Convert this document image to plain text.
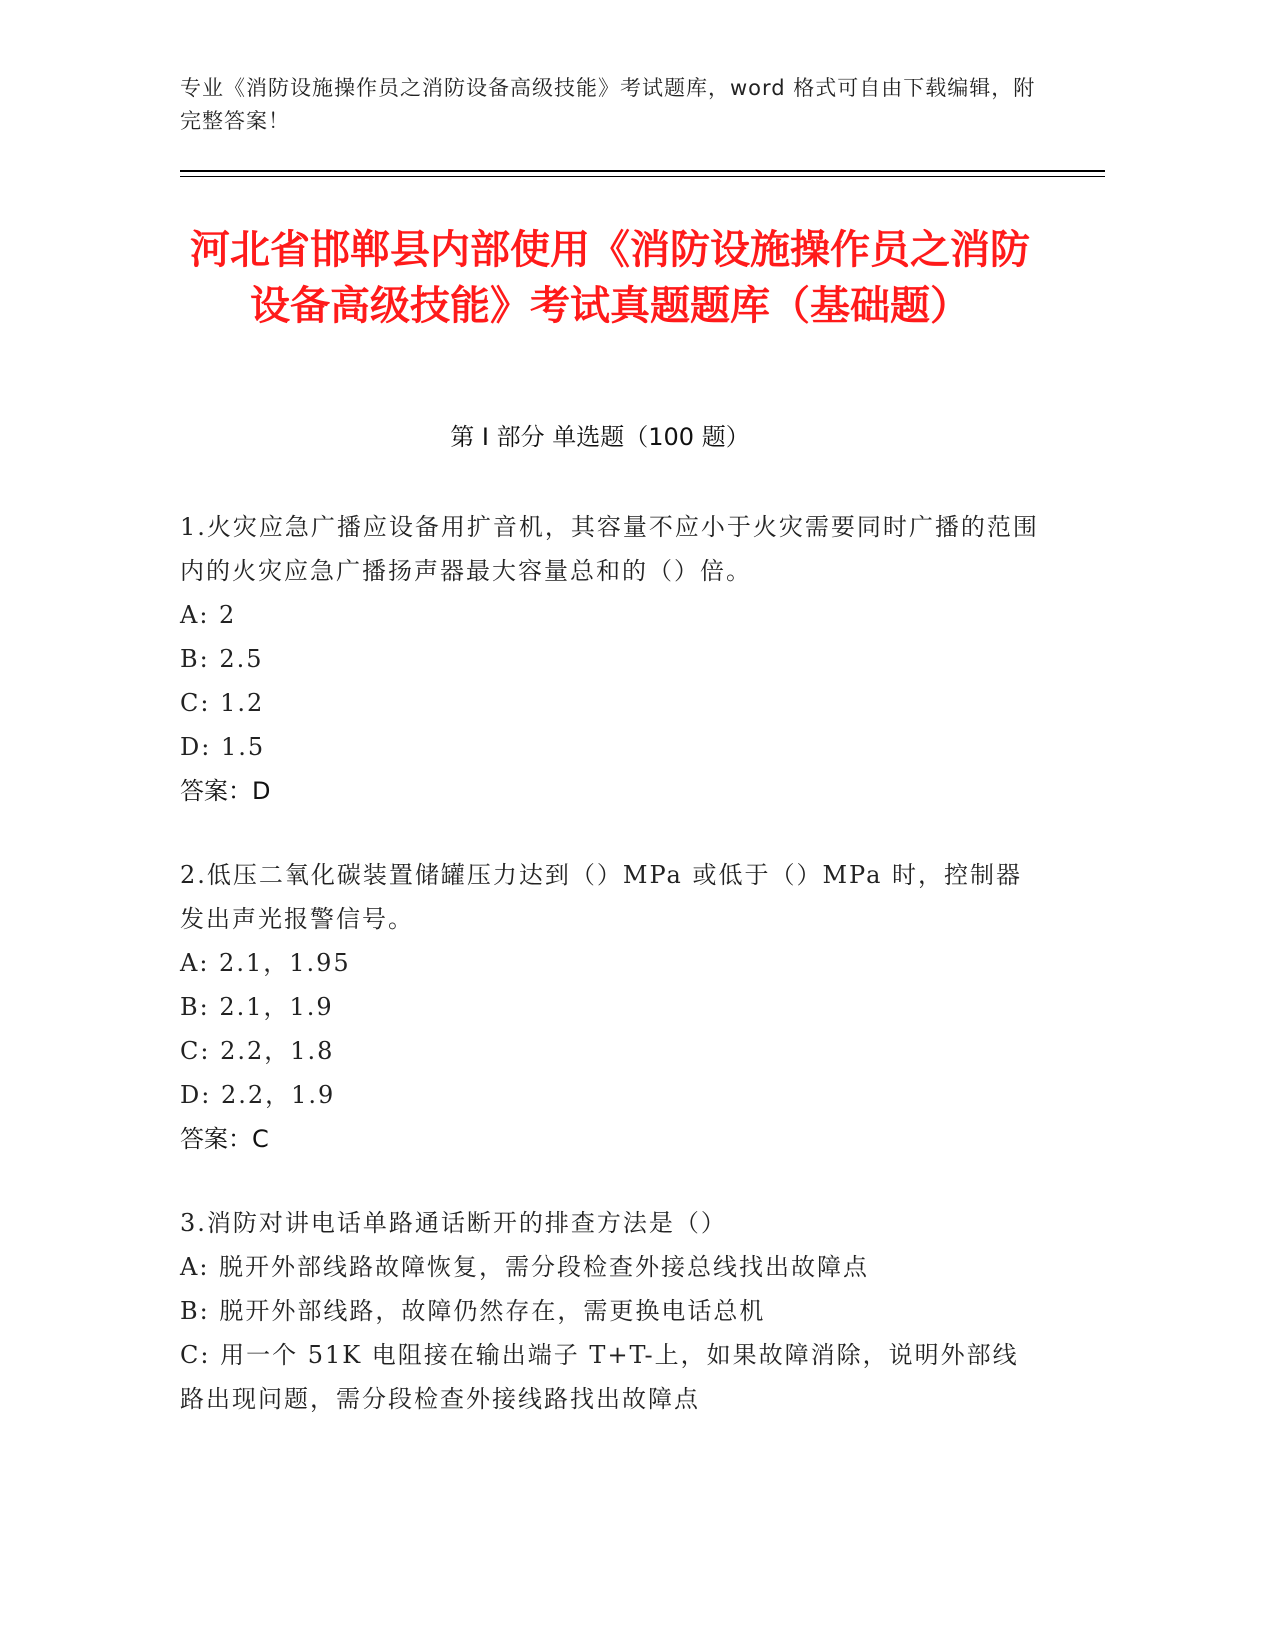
专业《消防设施操作员之消防设备高级技能》考试题库，word 格式可自由下载编辑，附完整答案！
河北省邯郸县内部使用《消防设施操作员之消防设备高级技能》考试真题题库（基础题）
第 I 部分 单选题（100 题）
1.火灾应急广播应设备用扩音机，其容量不应小于火灾需要同时广播的范围内的火灾应急广播扬声器最大容量总和的（）倍。
A: 2
B: 2.5
C: 1.2
D: 1.5
答案：D
2.低压二氧化碳装置储罐压力达到（）MPa 或低于（）MPa 时，控制器发出声光报警信号。
A: 2.1，1.95
B: 2.1，1.9
C: 2.2，1.8
D: 2.2，1.9
答案：C
3.消防对讲电话单路通话断开的排查方法是（）
A: 脱开外部线路故障恢复，需分段检查外接总线找出故障点
B: 脱开外部线路，故障仍然存在，需更换电话总机
C: 用一个 51K 电阻接在输出端子 T+T-上，如果故障消除，说明外部线路出现问题，需分段检查外接线路找出故障点
